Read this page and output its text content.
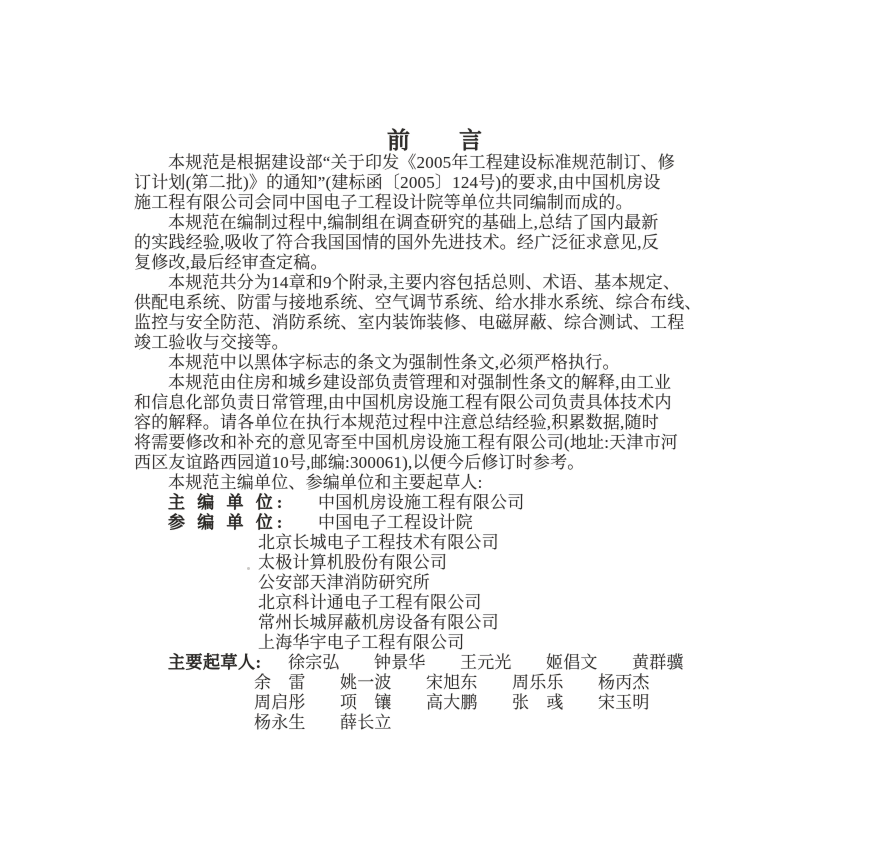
前　　言
本规范是根据建设部“关于印发《2005年工程建设标准规范制订、修
订计划(第二批)》的通知”(建标函〔2005〕124号)的要求,由中国机房设
施工程有限公司会同中国电子工程设计院等单位共同编制而成的。
本规范在编制过程中,编制组在调查研究的基础上,总结了国内最新
的实践经验,吸收了符合我国国情的国外先进技术。经广泛征求意见,反
复修改,最后经审查定稿。
本规范共分为14章和9个附录,主要内容包括总则、术语、基本规定、
供配电系统、防雷与接地系统、空气调节系统、给水排水系统、综合布线、
监控与安全防范、消防系统、室内装饰装修、电磁屏蔽、综合测试、工程
竣工验收与交接等。
本规范中以黑体字标志的条文为强制性条文,必须严格执行。
本规范由住房和城乡建设部负责管理和对强制性条文的解释,由工业
和信息化部负责日常管理,由中国机房设施工程有限公司负责具体技术内
容的解释。请各单位在执行本规范过程中注意总结经验,积累数据,随时
将需要修改和补充的意见寄至中国机房设施工程有限公司(地址:天津市河
西区友谊路西园道10号,邮编:300061),以便今后修订时参考。
本规范主编单位、参编单位和主要起草人:
主 编 单 位: 中国机房设施工程有限公司
参 编 单 位: 中国电子工程设计院
北京长城电子工程技术有限公司
太极计算机股份有限公司
公安部天津消防研究所
北京科计通电子工程有限公司
常州长城屏蔽机房设备有限公司
上海华宇电子工程有限公司
主要起草人: 徐宗弘 钟景华 王元光 姬倡文 黄群骥
余　雷 姚一波 宋旭东 周乐乐 杨丙杰
周启彤 项　镶 高大鹏 张　彧 宋玉明
杨永生 薛长立
